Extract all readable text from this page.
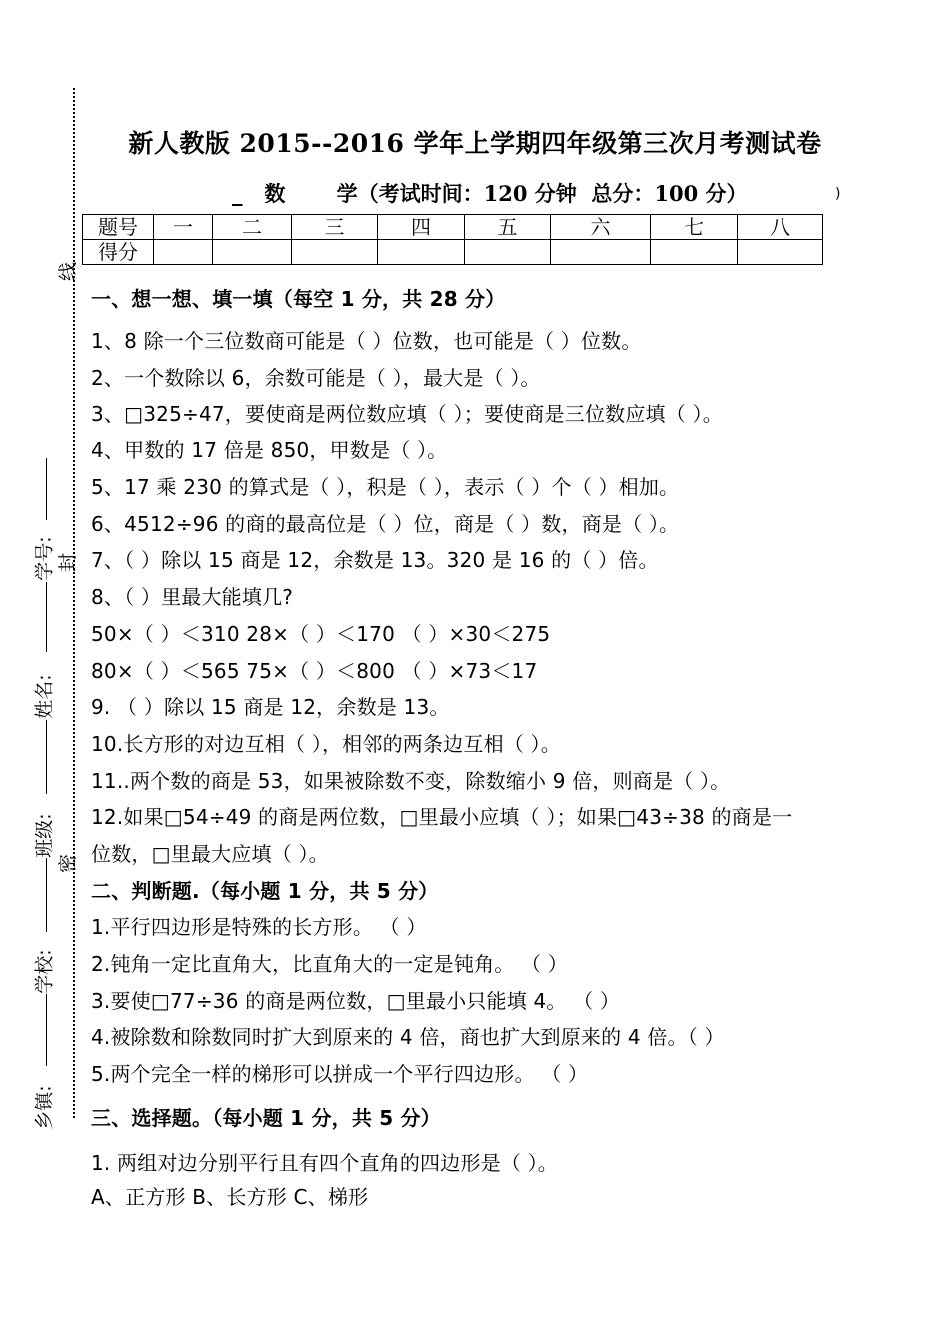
线
封
密
学号:
姓名:
班级:
学校:
乡镇:
新人教版 2015--2016 学年上学期四年级第三次月考测试卷
_   数       学（考试时间：120 分钟  总分：100 分）	)
题号	一	二	三	四	五	六	七	八
得分								
一、想一想、填一填（每空 1 分，共 28 分）
1、8 除一个三位数商可能是（ ）位数，也可能是（ ）位数。
2、一个数除以 6，余数可能是（ ），最大是（ ）。
3、□325÷47，要使商是两位数应填（ ）；要使商是三位数应填（ ）。
4、甲数的 17 倍是 850，甲数是（ ）。
5、17 乘 230 的算式是（ ），积是（ ），表示（ ）个（ ）相加。
6、4512÷96 的商的最高位是（ ）位，商是（ ）数，商是（ ）。
7、（ ）除以 15 商是 12，余数是 13。320 是 16 的（ ）倍。
8、（ ）里最大能填几?
50×（ ）＜310 28×（ ）＜170 （ ）×30＜275
80×（ ）＜565 75×（ ）＜800 （ ）×73＜17
9. （ ）除以 15 商是 12，余数是 13。
10.长方形的对边互相（ ），相邻的两条边互相（ ）。
11..两个数的商是 53，如果被除数不变，除数缩小 9 倍，则商是（ ）。
12.如果□54÷49 的商是两位数，□里最小应填（ ）；如果□43÷38 的商是一
位数，□里最大应填（ ）。
二、判断题.（每小题 1 分，共 5 分）
1.平行四边形是特殊的长方形。 （ ）
2.钝角一定比直角大，比直角大的一定是钝角。 （ ）
3.要使□77÷36 的商是两位数，□里最小只能填 4。 （ ）
4.被除数和除数同时扩大到原来的 4 倍，商也扩大到原来的 4 倍。（ ）
5.两个完全一样的梯形可以拼成一个平行四边形。 （ ）
三、选择题。（每小题 1 分，共 5 分）
1. 两组对边分别平行且有四个直角的四边形是（ ）。
A、正方形 B、长方形 C、梯形
